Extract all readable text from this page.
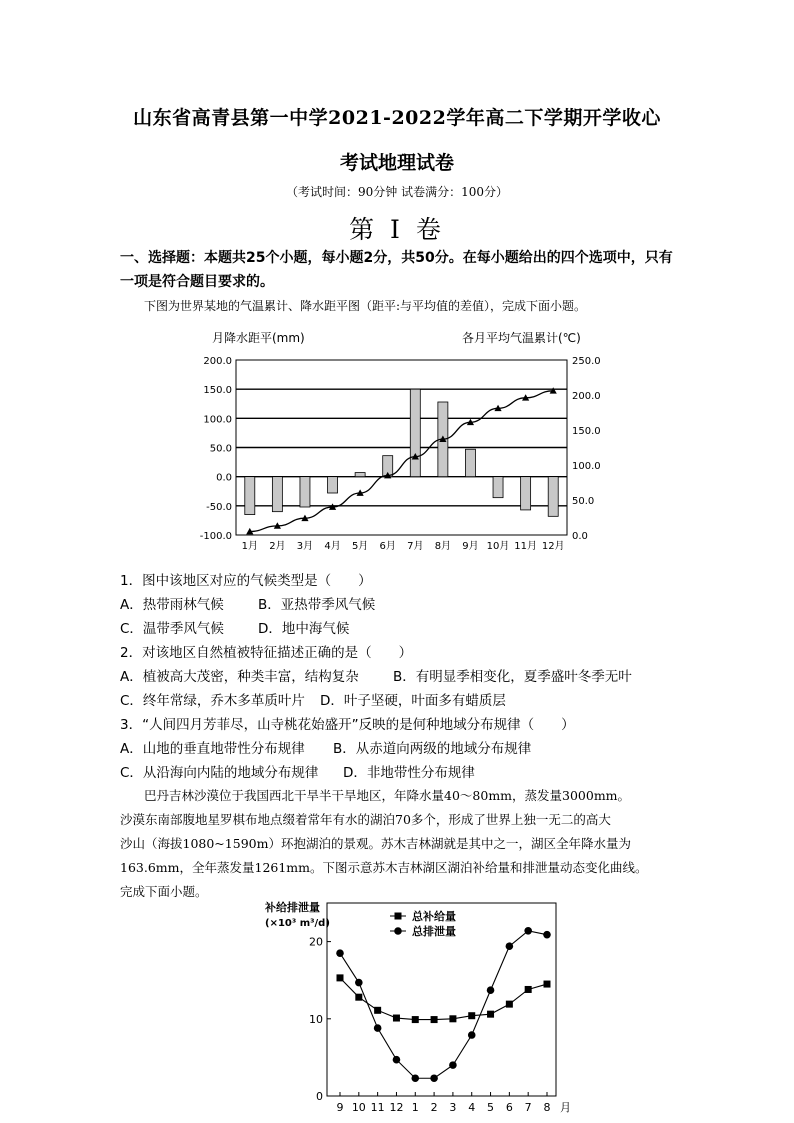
山东省高青县第一中学2021-2022学年高二下学期开学收心
考试地理试卷
（考试时间：90分钟 试卷满分：100分）
第 I 卷
一、选择题：本题共25个小题，每小题2分，共50分。在每小题给出的四个选项中，只有一项是符合题目要求的。
下图为世界某地的气温累计、降水距平图（距平:与平均值的差值），完成下面小题。
月降水距平(mm)	各月平均气温累计(℃)
200.0
150.0
100.0
50.0
0.0
-50.0
-100.0
250.0
200.0
150.0
100.0
50.0
0.0
1月 2月 3月 4月 5月 6月 7月 8月 9月 10月 11月 12月
1．图中该地区对应的气候类型是（　　）
A．热带雨林气候	B．亚热带季风气候
C．温带季风气候	D．地中海气候
2．对该地区自然植被特征描述正确的是（　　）
A．植被高大茂密，种类丰富，结构复杂	B．有明显季相变化，夏季盛叶冬季无叶
C．终年常绿，乔木多革质叶片 D．叶子坚硬，叶面多有蜡质层
3．“人间四月芳菲尽，山寺桃花始盛开”反映的是何种地域分布规律（　　）
A．山地的垂直地带性分布规律 B．从赤道向两级的地域分布规律
C．从沿海向内陆的地域分布规律 D．非地带性分布规律
巴丹吉林沙漠位于我国西北干旱半干旱地区，年降水量40～80mm，蒸发量3000mm。
沙漠东南部腹地星罗棋布地点缀着常年有水的湖泊70多个，形成了世界上独一无二的高大
沙山（海拔1080~1590m）环抱湖泊的景观。苏木吉林湖就是其中之一，湖区全年降水量为
163.6mm，全年蒸发量1261mm。下图示意苏木吉林湖区湖泊补给量和排泄量动态变化曲线。
完成下面小题。
补给排泄量
(×10³ m³/d)
总补给量
总排泄量
0
10
20
9 10 11 12 1 2 3 4 5 6 7 8 月
